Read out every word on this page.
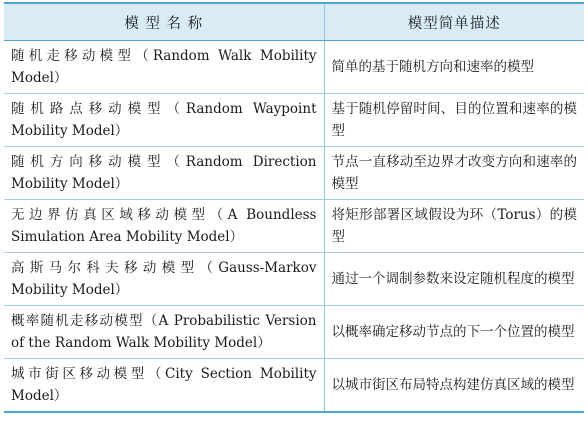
模 型 名 称	模型简单描述
随机走移动模型（Random Walk Mobility Model）	简单的基于随机方向和速率的模型
随机路点移动模型（Random Waypoint Mobility Model）	基于随机停留时间、目的位置和速率的模型
随机方向移动模型（Random Direction Mobility Model）	节点一直移动至边界才改变方向和速率的模型
无边界仿真区域移动模型（A Boundless Simulation Area Mobility Model）	将矩形部署区域假设为环（Torus）的模型
高斯马尔科夫移动模型（Gauss-Markov Mobility Model）	通过一个调制参数来设定随机程度的模型
概率随机走移动模型（A Probabilistic Version of the Random Walk Mobility Model）	以概率确定移动节点的下一个位置的模型
城市街区移动模型（City Section Mobility Model）	以城市街区布局特点构建仿真区域的模型
